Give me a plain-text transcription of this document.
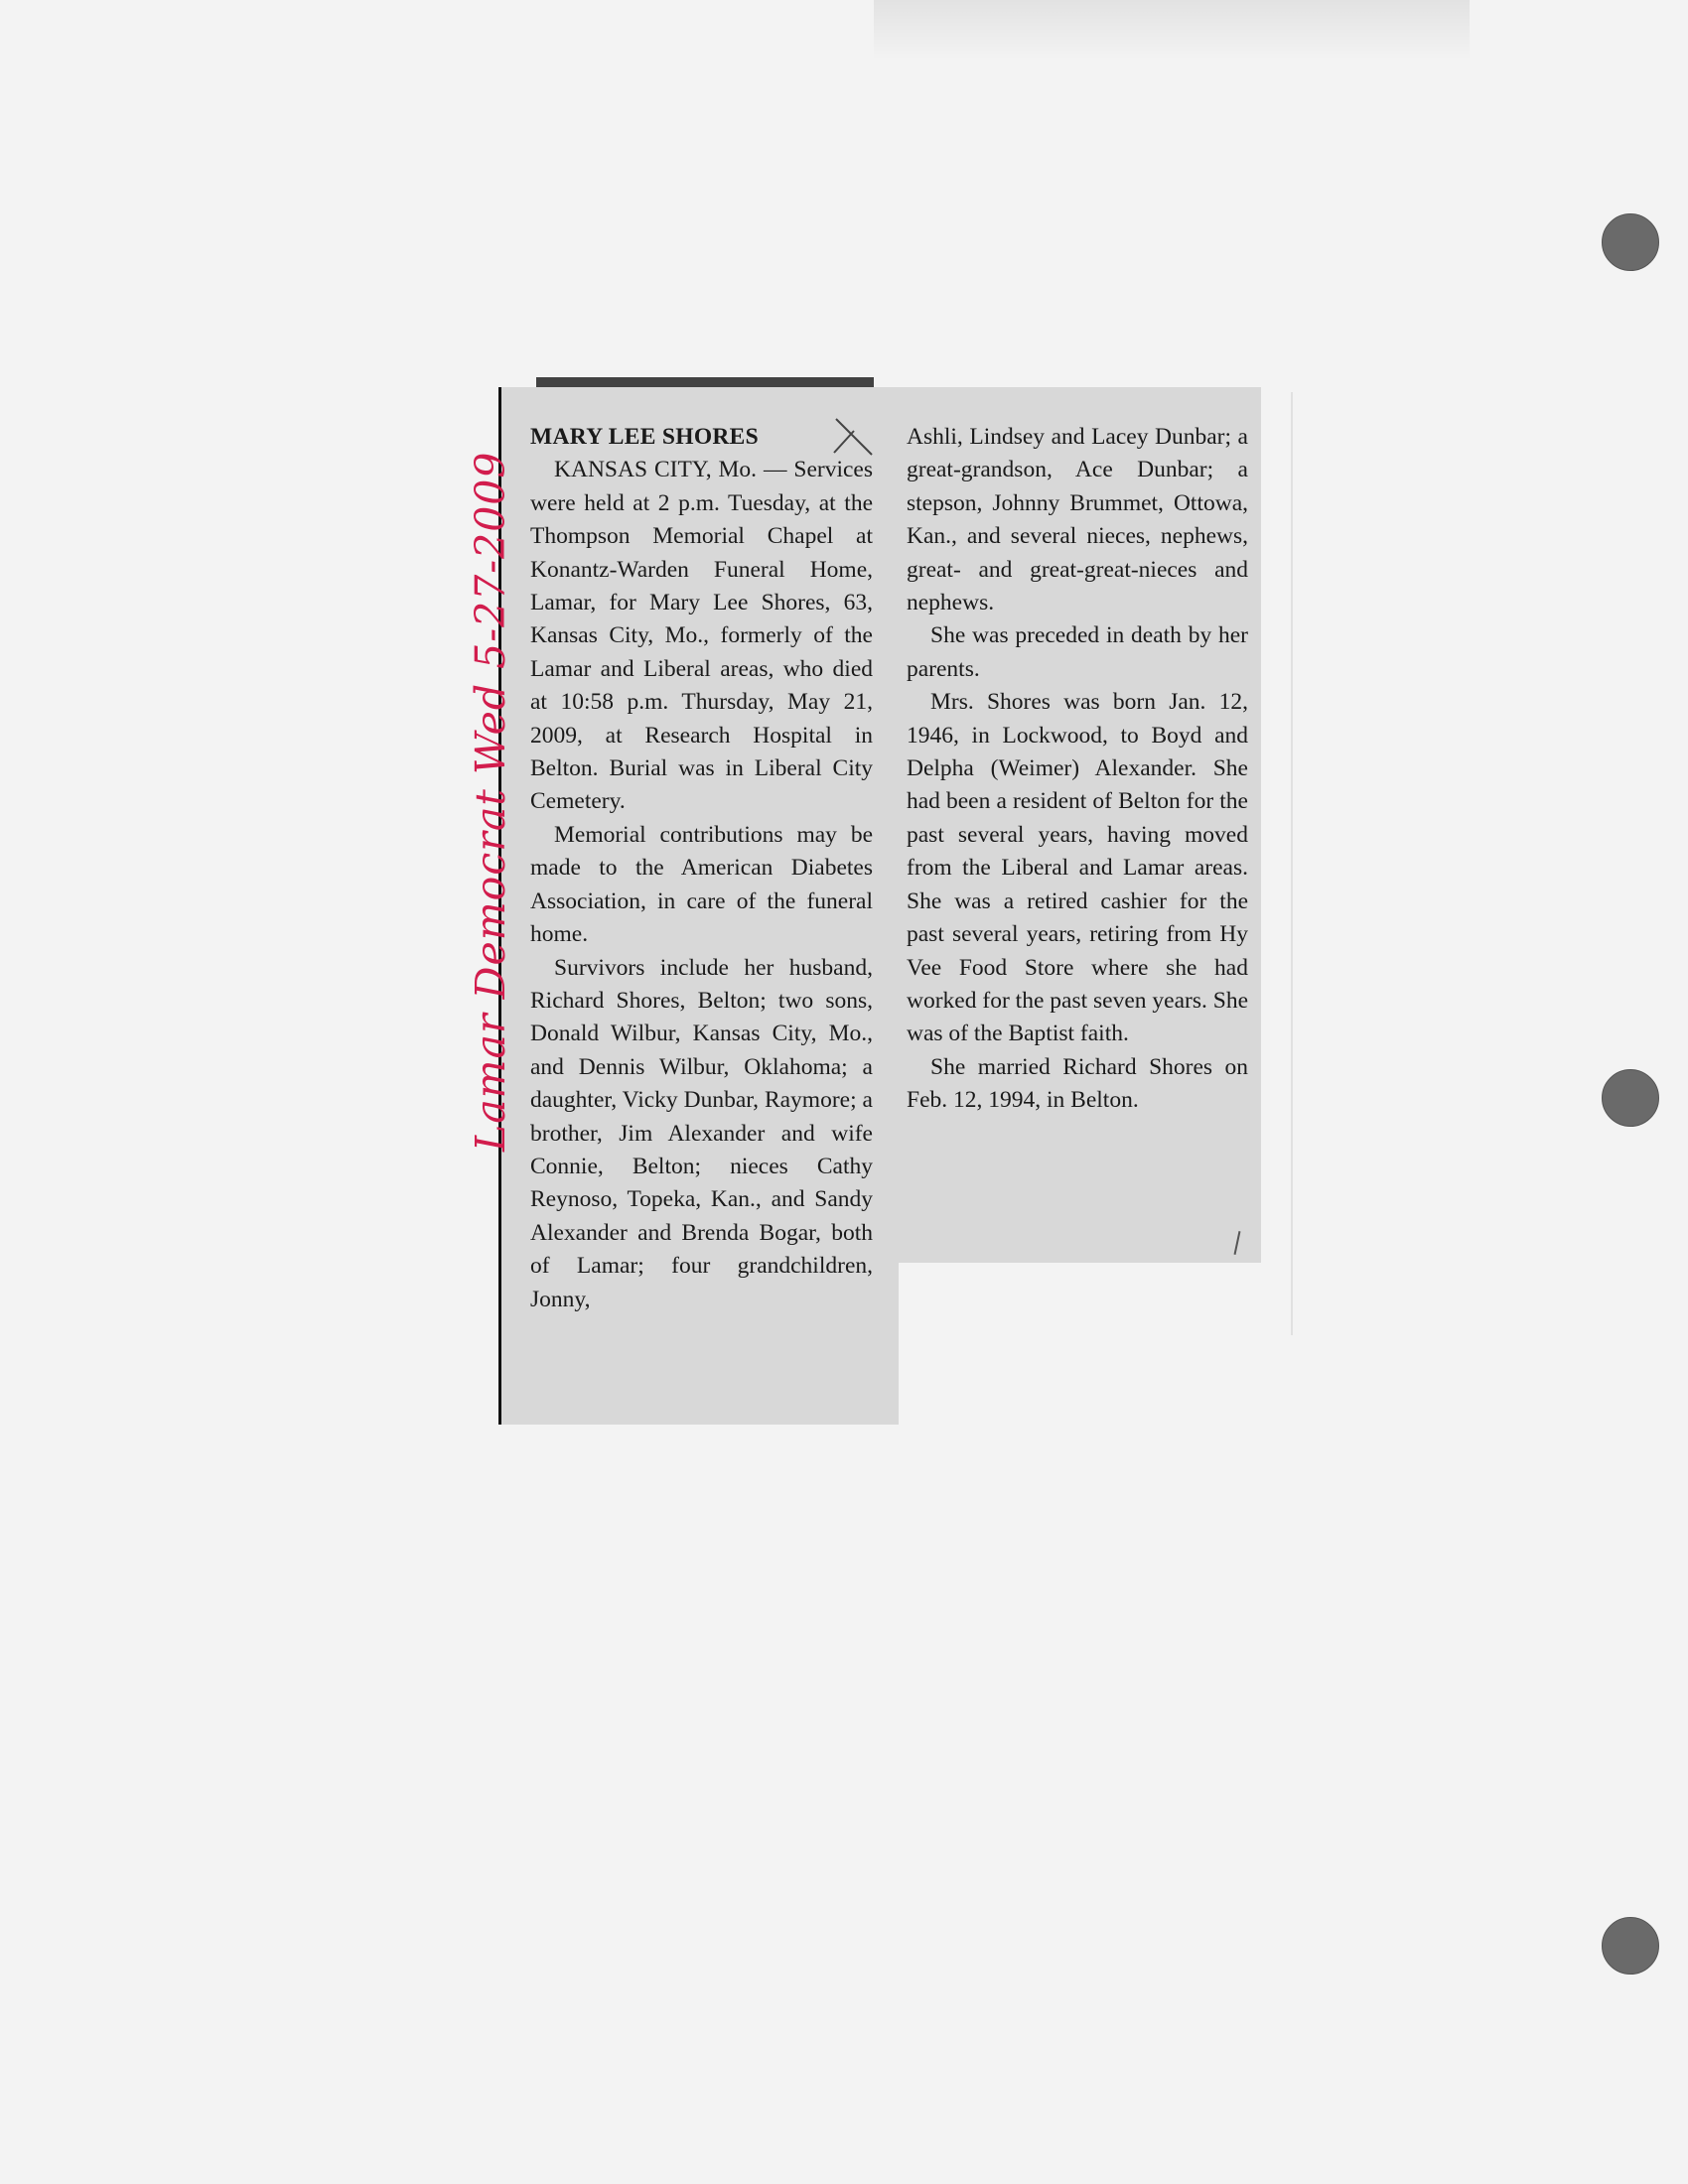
MARY LEE SHORES

KANSAS CITY, Mo. — Services were held at 2 p.m. Tuesday, at the Thompson Memorial Chapel at Konantz-Warden Funeral Home, Lamar, for Mary Lee Shores, 63, Kansas City, Mo., formerly of the Lamar and Liberal areas, who died at 10:58 p.m. Thursday, May 21, 2009, at Research Hospital in Belton. Burial was in Liberal City Cemetery.

Memorial contributions may be made to the American Diabetes Association, in care of the funeral home.

Survivors include her husband, Richard Shores, Belton; two sons, Donald Wilbur, Kansas City, Mo., and Dennis Wilbur, Oklahoma; a daughter, Vicky Dunbar, Raymore; a brother, Jim Alexander and wife Connie, Belton; nieces Cathy Reynoso, Topeka, Kan., and Sandy Alexander and Brenda Bogar, both of Lamar; four grandchildren, Jonny,

Ashli, Lindsey and Lacey Dunbar; a great-grandson, Ace Dunbar; a stepson, Johnny Brummet, Ottowa, Kan., and several nieces, nephews, great- and great-great-nieces and nephews.

She was preceded in death by her parents.

Mrs. Shores was born Jan. 12, 1946, in Lockwood, to Boyd and Delpha (Weimer) Alexander. She had been a resident of Belton for the past several years, having moved from the Liberal and Lamar areas. She was a retired cashier for the past several years, retiring from Hy Vee Food Store where she had worked for the past seven years. She was of the Baptist faith.

She married Richard Shores on Feb. 12, 1994, in Belton.

Lamar Democrat Wed 5-27-2009
